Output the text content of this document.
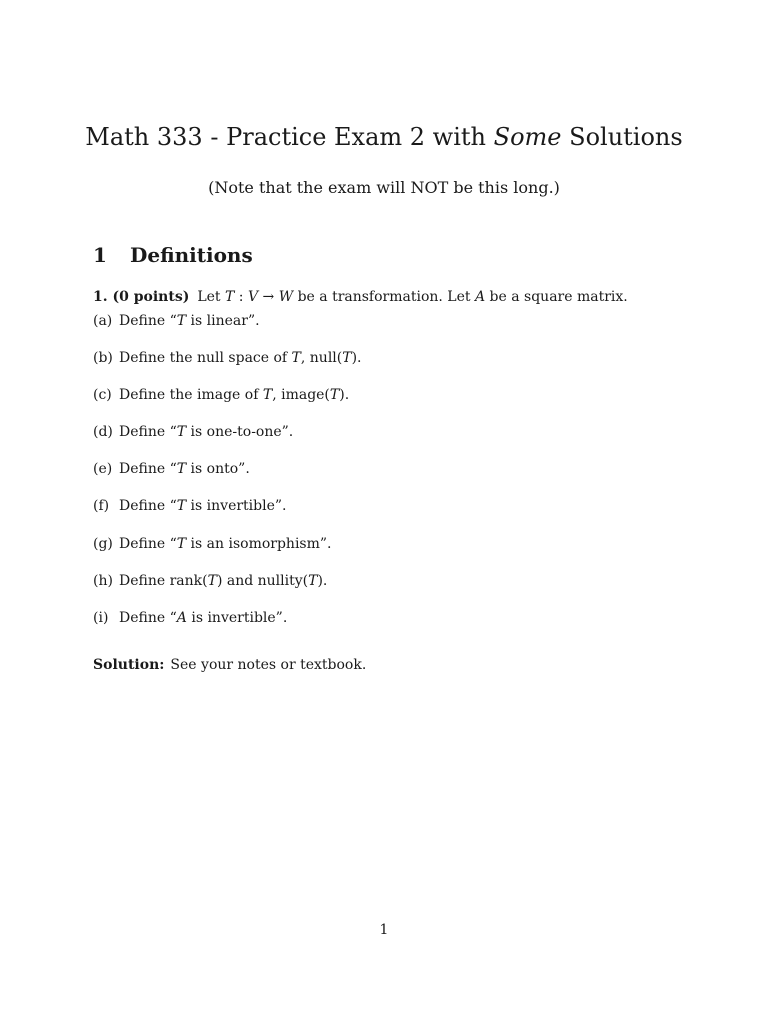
Math 333 - Practice Exam 2 with Some Solutions
(Note that the exam will NOT be this long.)
1 Definitions
1. (0 points) Let T : V → W be a transformation. Let A be a square matrix.
(a) Define “T is linear”.
(b) Define the null space of T, null(T).
(c) Define the image of T, image(T).
(d) Define “T is one-to-one”.
(e) Define “T is onto”.
(f) Define “T is invertible”.
(g) Define “T is an isomorphism”.
(h) Define rank(T) and nullity(T).
(i) Define “A is invertible”.
Solution: See your notes or textbook.
1
